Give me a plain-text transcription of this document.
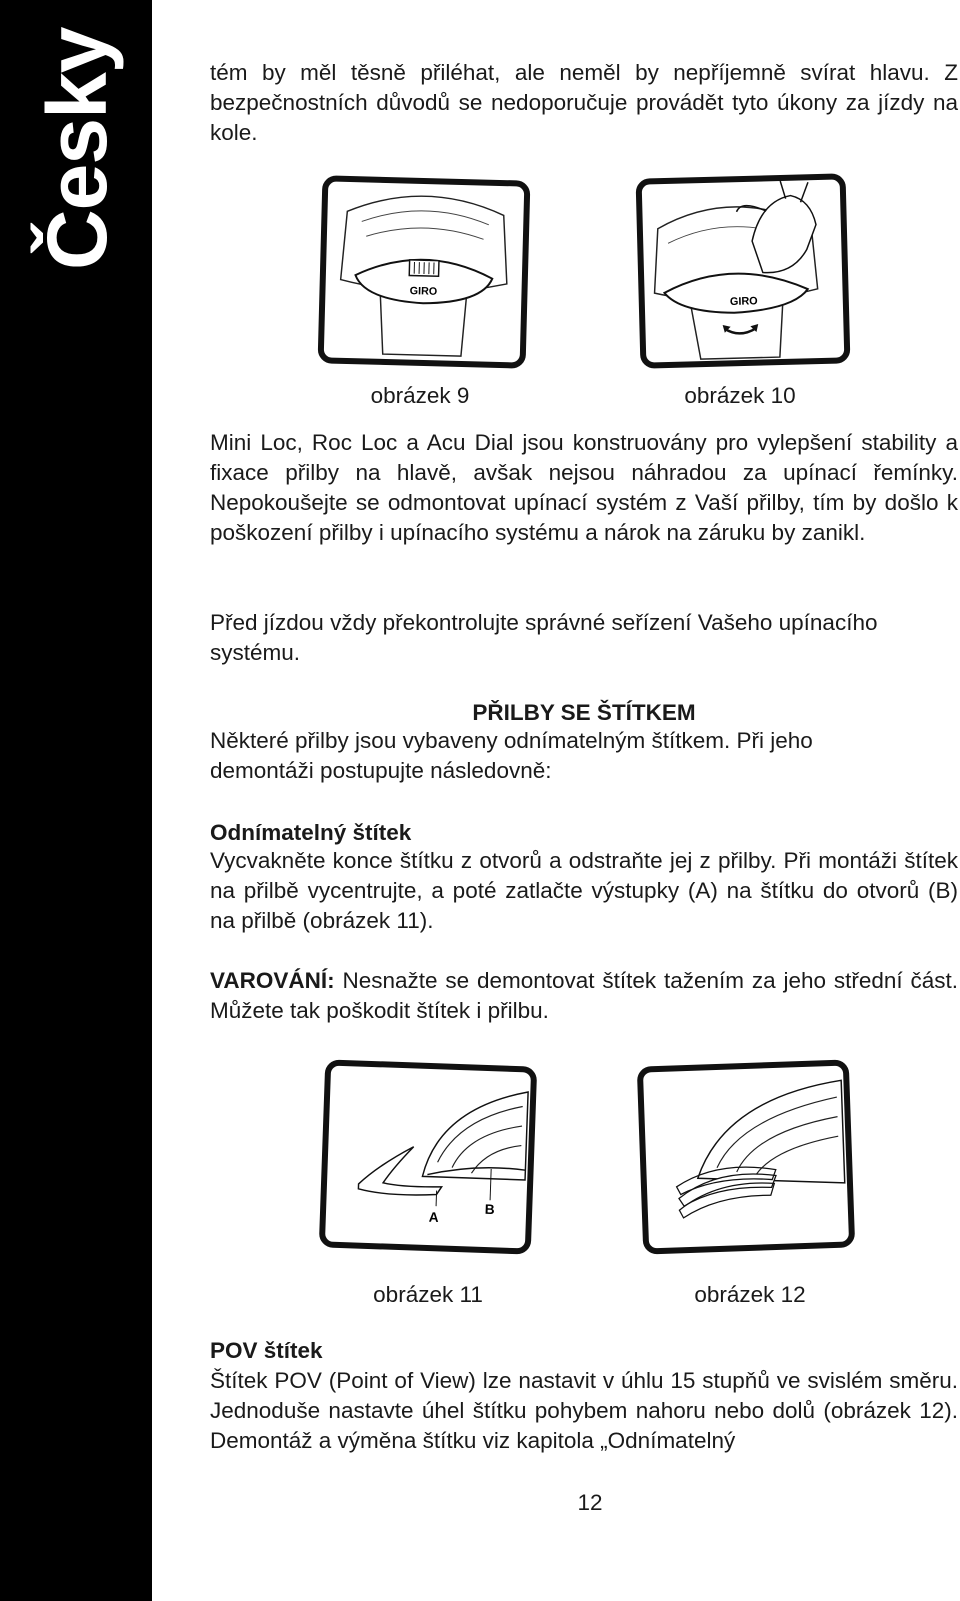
Česky	tém by měl těsně přiléhat, ale neměl by nepříjemně svírat hlavu. Z bezpečnostních důvodů se nedoporučuje provádět tyto úkony za jízdy na kole.

GIRO
GIRO
obrázek 9	obrázek 10

Mini Loc, Roc Loc a Acu Dial jsou konstruovány pro vylepšení stability a fixace přilby na hlavě, avšak nejsou náhradou za upínací řemínky. Nepokoušejte se odmontovat upínací systém z Vaší přilby, tím by došlo k poškození přilby i upínacího systému a nárok na záruku by zanikl.

Před jízdou vždy překontrolujte správné seřízení Vašeho upínacího systému.

PŘILBY SE ŠTÍTKEM

Některé přilby jsou vybaveny odnímatelným štítkem. Při jeho demontáži postupujte následovně:

Odnímatelný štítek

Vycvakněte konce štítku z otvorů a odstraňte jej z přilby. Při montáži štítek na přilbě vycentrujte, a poté zatlačte výstupky (A) na štítku do otvorů (B) na přilbě (obrázek 11).

VAROVÁNÍ: Nesnažte se demontovat štítek tažením za jeho střední část. Můžete tak poškodit štítek i přilbu.

A
B
obrázek 11	obrázek 12
POV štítek

Štítek POV (Point of View) lze nastavit v úhlu 15 stupňů ve svislém směru. Jednoduše nastavte úhel štítku pohybem nahoru nebo dolů (obrázek 12). Demontáž a výměna štítku viz kapitola „Odnímatelný

12
